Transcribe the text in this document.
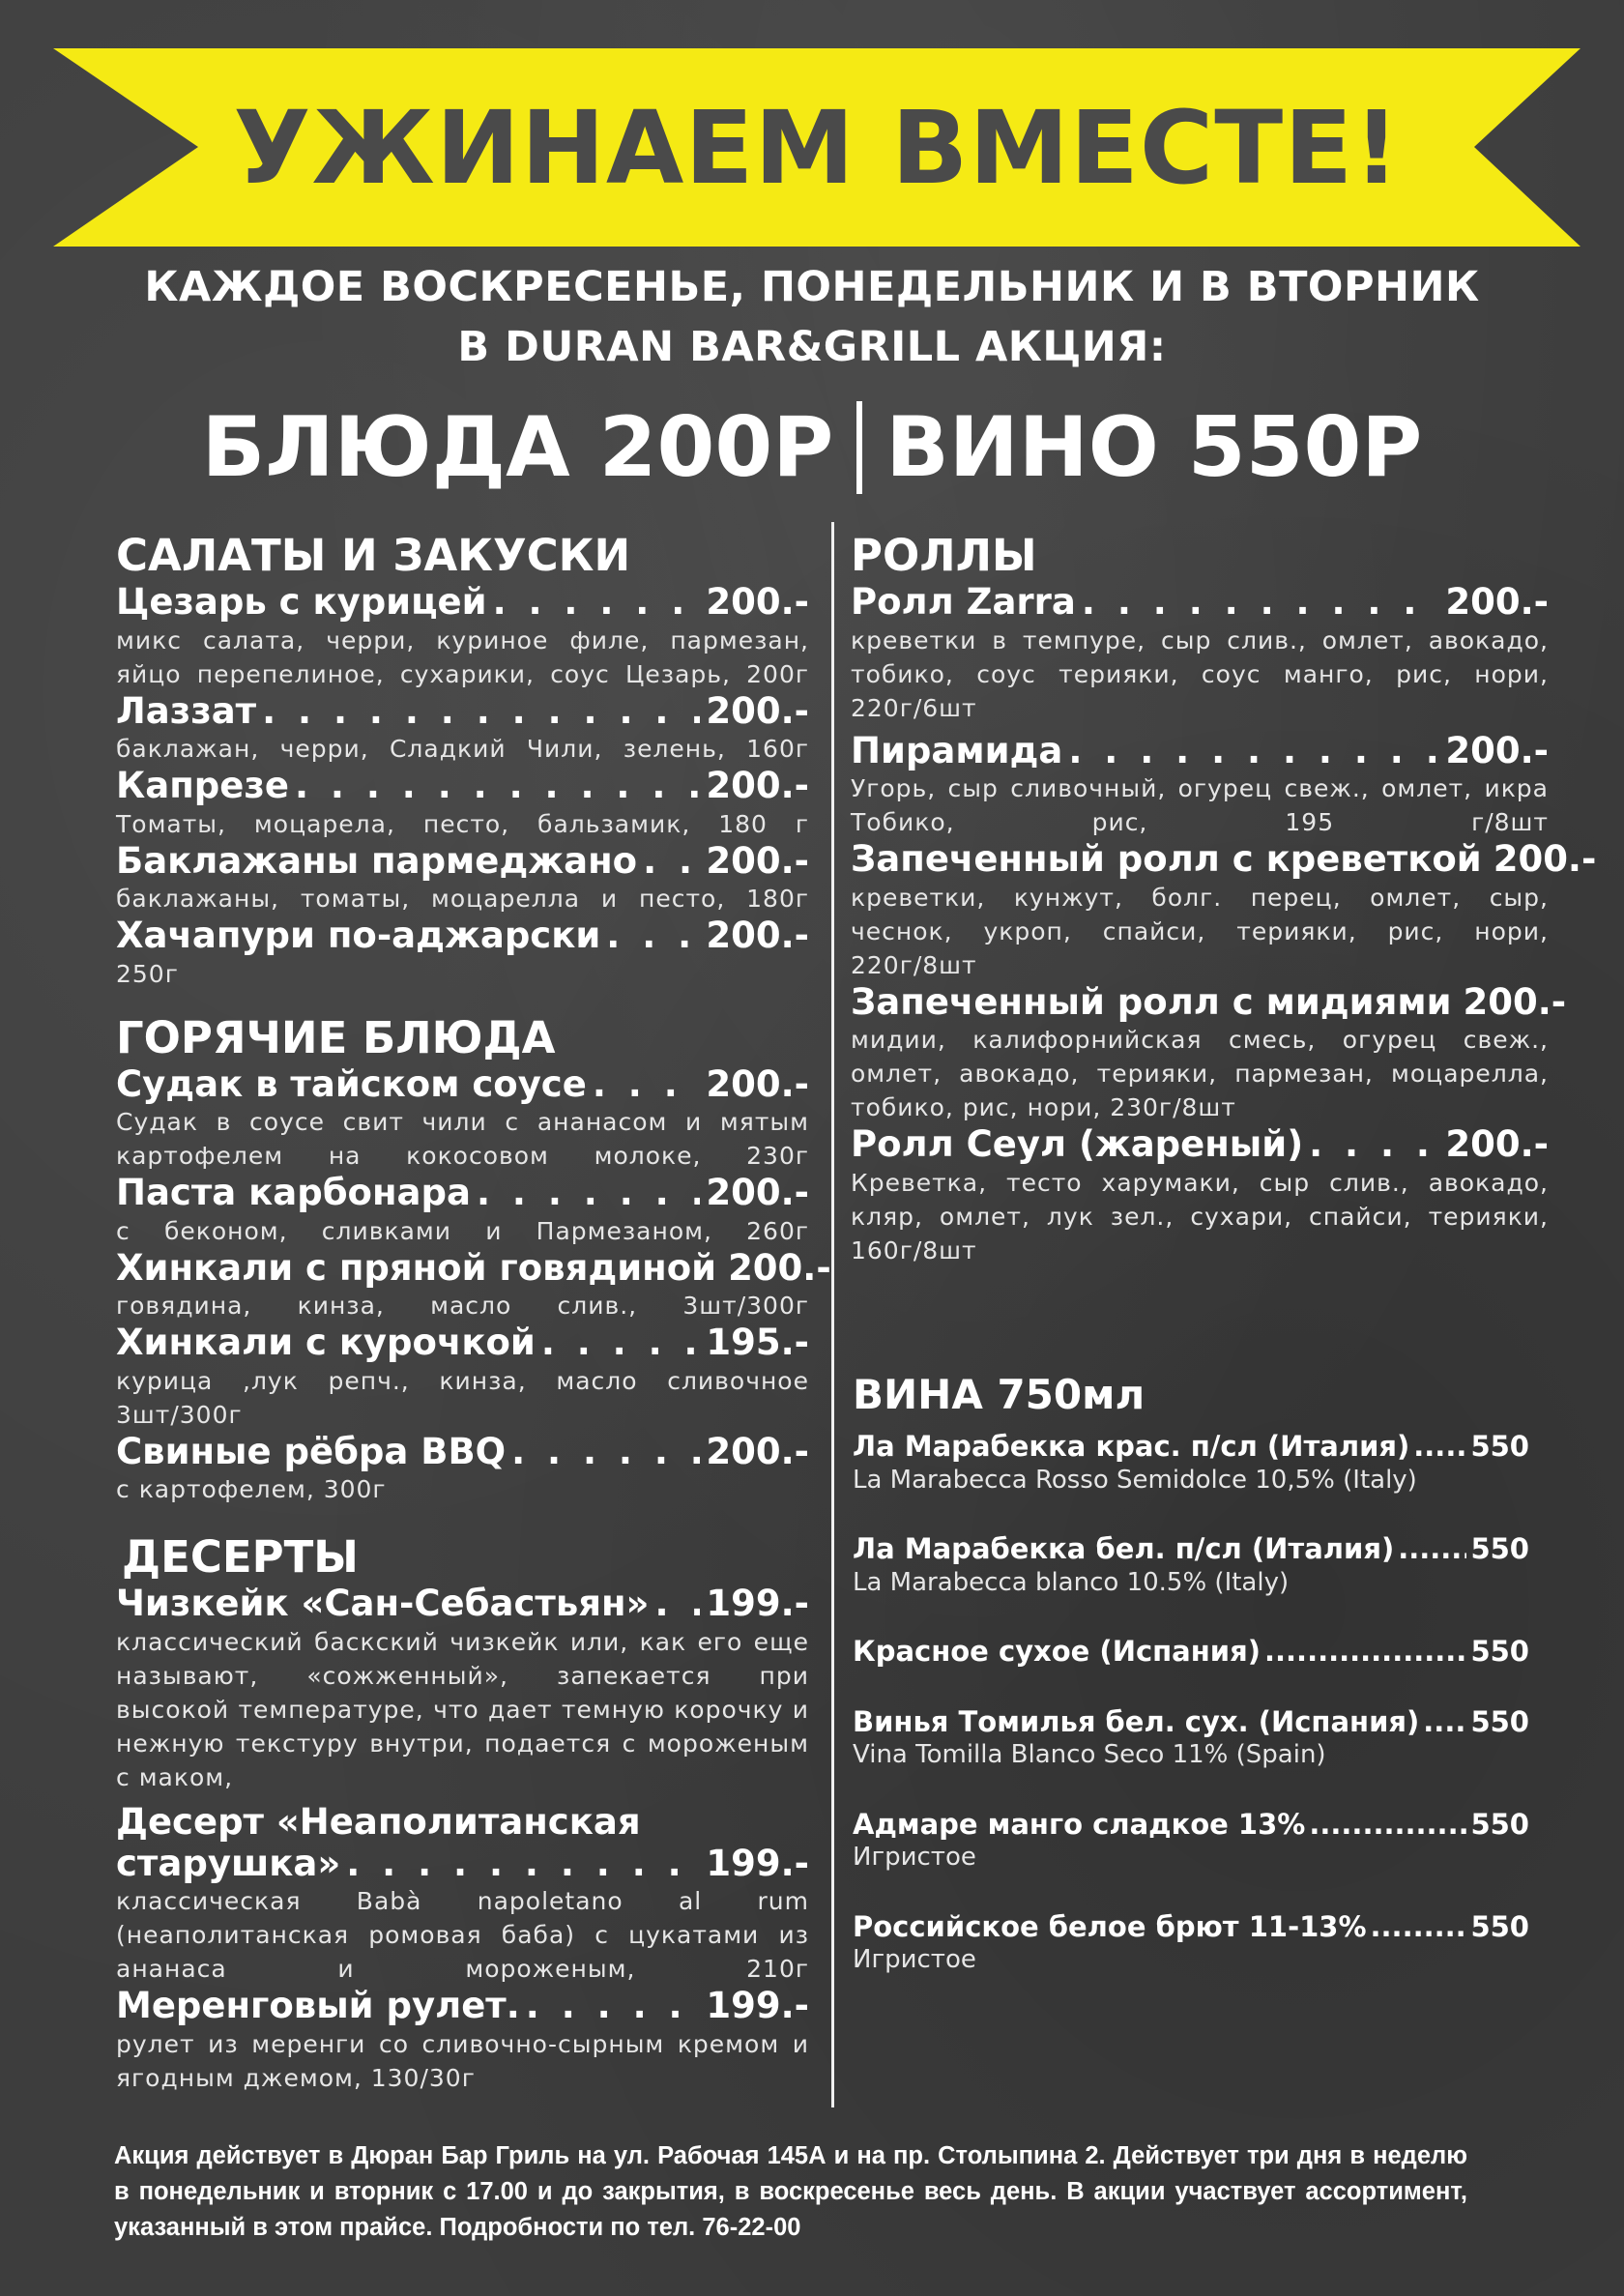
УЖИНАЕМ ВМЕСТЕ!
КАЖДОЕ ВОСКРЕСЕНЬЕ, ПОНЕДЕЛЬНИК И В ВТОРНИК
В DURAN BAR&GRILL АКЦИЯ:
БЛЮДА 200Р ВИНО 550Р
САЛАТЫ И ЗАКУСКИ
Цезарь с курицей . . .	200.-
микс салата, черри, куриное филе, пармезан, яйцо перепелиное, сухарики, соус Цезарь, 200г
Лаззат . . .	200.-
баклажан, черри, Сладкий Чили, зелень, 160г
Капрезе . . .	200.-
Томаты, моцарела, песто, бальзамик, 180 г
Баклажаны пармеджано . . . 200.-
баклажаны, томаты, моцарелла и песто, 180г
Хачапури по-аджарски . . .	200.-
250г
ГОРЯЧИЕ БЛЮДА
Судак в тайском соусе . . .	200.-
Судак в соусе свит чили с ананасом и мятым картофелем на кокосовом молоке, 230г
Паста карбонара . . .	200.-
с беконом, сливками и Пармезаном, 260г
Хинкали с пряной говядиной 200.-
говядина, кинза, масло слив., 3шт/300г
Хинкали с курочкой . . .	195.-
курица ,лук репч., кинза, масло сливочное 3шт/300г
Свиные рёбра BBQ . . .	200.-
с картофелем, 300г
ДЕСЕРТЫ
Чизкейк «Сан-Себастьян» . . . 199.-
классический баскский чизкейк или, как его еще называют, «сожженный», запекается при высокой температуре, что дает темную корочку и нежную текстуру внутри, подается с мороженым с маком,
Десерт «Неаполитанская
старушка» . . .	199.-
классическая Babà napoletano al rum (неаполитанская ромовая баба) с цукатами из ананаса и мороженым, 210г
Меренговый рулет. . . .	199.-
рулет из меренги со сливочно-сырным кремом и ягодным джемом, 130/30г
РОЛЛЫ
Ролл Zarra . . .	200.-
креветки в темпуре, сыр слив., омлет, авокадо, тобико, соус терияки, соус манго, рис, нори, 220г/6шт
Пирамида . . .	200.-
Угорь, сыр сливочный, огурец свеж., омлет, икра Тобико, рис, 195 г/8шт
Запеченный ролл с креветкой 200.-
креветки, кунжут, болг. перец, омлет, сыр, чеснок, укроп, спайси, терияки, рис, нори, 220г/8шт
Запеченный ролл с мидиями 200.-
мидии, калифорнийская смесь, огурец свеж., омлет, авокадо, терияки, пармезан, моцарелла, тобико, рис, нори, 230г/8шт
Ролл Сеул (жареный) . . .	200.-
Креветка, тесто харумаки, сыр слив., авокадо, кляр, омлет, лук зел., сухари, спайси, терияки, 160г/8шт
ВИНА 750мл
Ла Марабекка крас. п/сл (Италия) ..... 550
La Marabecca Rosso Semidolce 10,5% (Italy)
Ла Марабекка бел. п/сл (Италия) .....	550
La Marabecca blanco 10.5% (Italy)
Красное сухое (Испания) .....	550
Винья Томилья бел. сух. (Испания) ..... 550
Vina Tomilla Blanco Seco 11% (Spain)
Адмаре манго сладкое 13% .....	550
Игристое
Российское белое брют 11-13% .....	550
Игристое
Акция действует в Дюран Бар Гриль на ул. Рабочая 145А и на пр. Столыпина 2. Действует три дня в неделю в понедельник и вторник с 17.00 и до закрытия, в воскресенье весь день. В акции участвует ассортимент, указанный в этом прайсе. Подробности по тел. 76-22-00
